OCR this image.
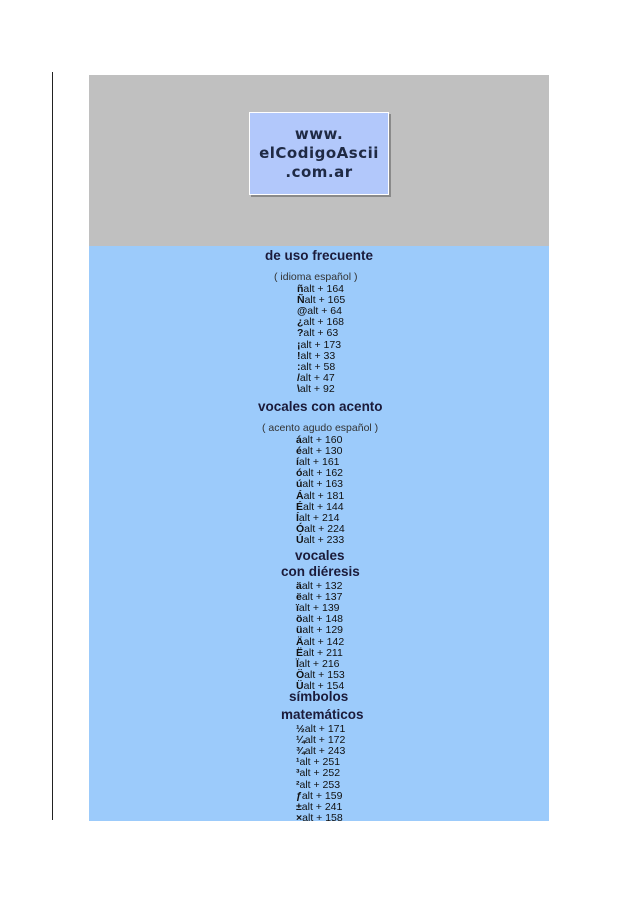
www.
elCodigoAscii
.com.ar
de uso frecuente
( idioma español )
ñalt + 164
Ñalt + 165
@alt + 64
¿alt + 168
?alt + 63
¡alt + 173
!alt + 33
:alt + 58
/alt + 47
\alt + 92
vocales con acento
( acento agudo español )
áalt + 160
éalt + 130
íalt + 161
óalt + 162
úalt + 163
Áalt + 181
Éalt + 144
Íalt + 214
Óalt + 224
Úalt + 233
vocales
con diéresis
äalt + 132
ëalt + 137
ïalt + 139
öalt + 148
üalt + 129
Äalt + 142
Ëalt + 211
Ïalt + 216
Öalt + 153
Üalt + 154
símbolos
matemáticos
½alt + 171
¼alt + 172
¾alt + 243
¹alt + 251
³alt + 252
²alt + 253
ƒalt + 159
±alt + 241
×alt + 158
